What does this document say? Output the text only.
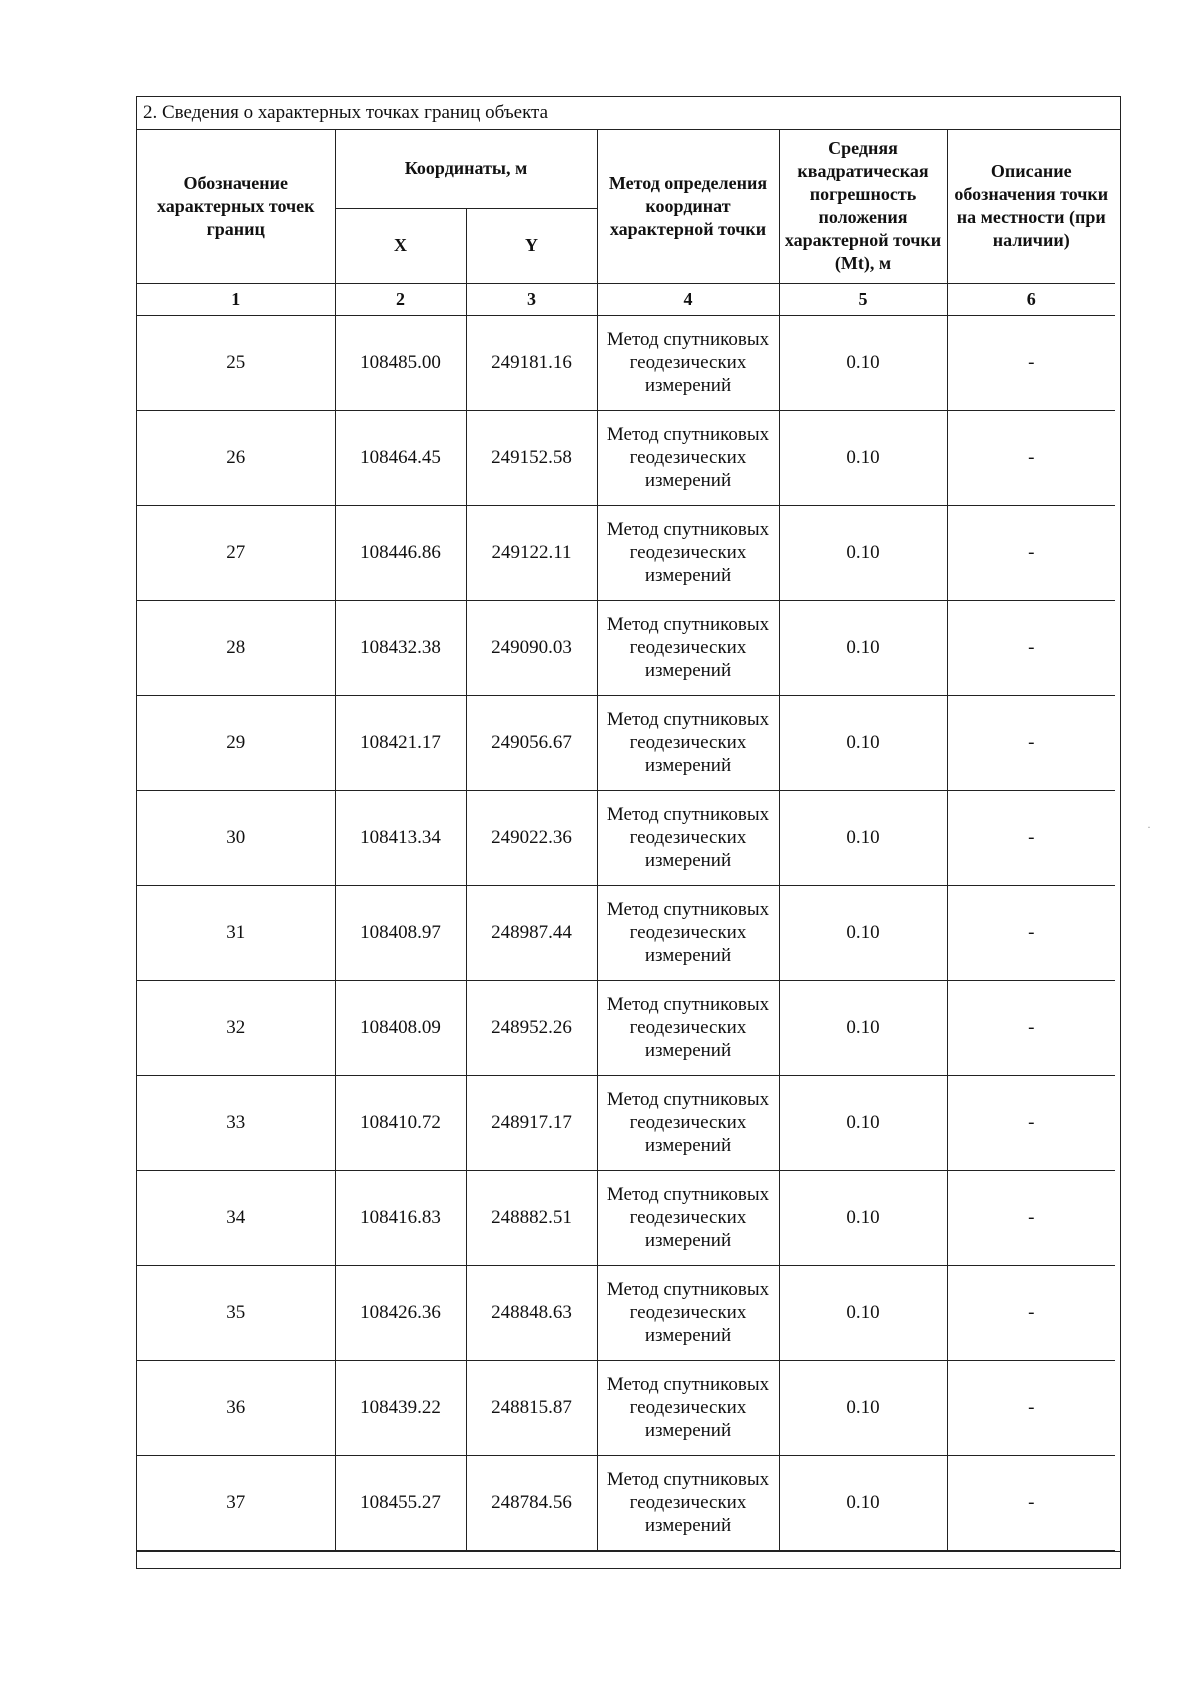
2. Сведения о характерных точках границ объекта
Обозначение характерных точек границ	Координаты, м		Метод определения координат характерной точки	Средняя квадратическая погрешность положения характерной точки (Mt), м	Описание обозначения точки на местности (при наличии)
	X	Y			
1	2	3	4	5	6
25	108485.00	249181.16	Метод спутниковых геодезических измерений	0.10	-
26	108464.45	249152.58	Метод спутниковых геодезических измерений	0.10	-
27	108446.86	249122.11	Метод спутниковых геодезических измерений	0.10	-
28	108432.38	249090.03	Метод спутниковых геодезических измерений	0.10	-
29	108421.17	249056.67	Метод спутниковых геодезических измерений	0.10	-
30	108413.34	249022.36	Метод спутниковых геодезических измерений	0.10	-
31	108408.97	248987.44	Метод спутниковых геодезических измерений	0.10	-
32	108408.09	248952.26	Метод спутниковых геодезических измерений	0.10	-
33	108410.72	248917.17	Метод спутниковых геодезических измерений	0.10	-
34	108416.83	248882.51	Метод спутниковых геодезических измерений	0.10	-
35	108426.36	248848.63	Метод спутниковых геодезических измерений	0.10	-
36	108439.22	248815.87	Метод спутниковых геодезических измерений	0.10	-
37	108455.27	248784.56	Метод спутниковых геодезических измерений	0.10	-
·
